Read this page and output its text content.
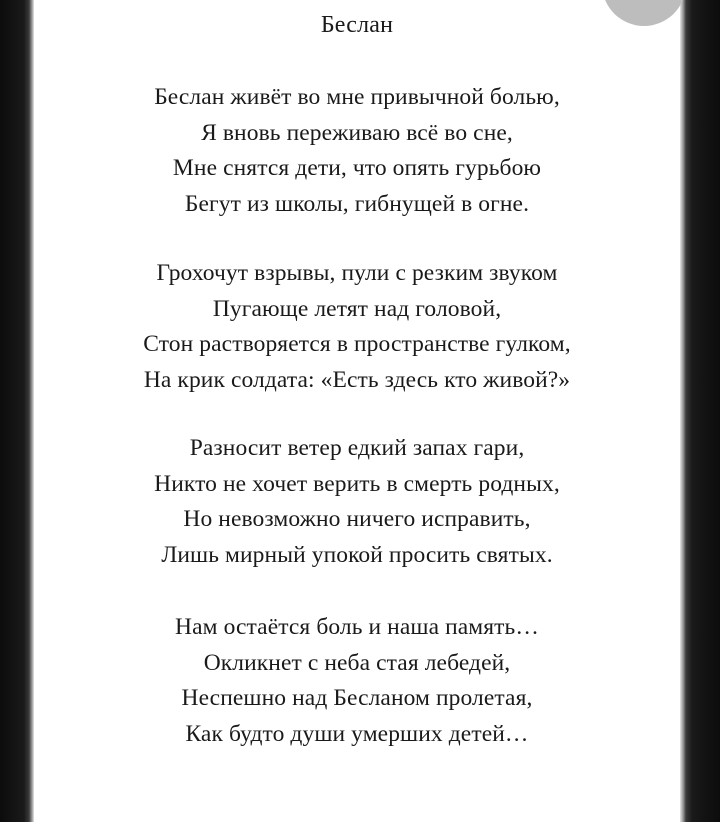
Беслан
Беслан живёт во мне привычной болью,
Я вновь переживаю всё во сне,
Мне снятся дети, что опять гурьбою
Бегут из школы, гибнущей в огне.
Грохочут взрывы, пули с резким звуком
Пугающе летят над головой,
Стон растворяется в пространстве гулком,
На крик солдата: «Есть здесь кто живой?»
Разносит ветер едкий запах гари,
Никто не хочет верить в смерть родных,
Но невозможно ничего исправить,
Лишь мирный упокой просить святых.
Нам остаётся боль и наша память…
Окликнет с неба стая лебедей,
Неспешно над Бесланом пролетая,
Как будто души умерших детей…
